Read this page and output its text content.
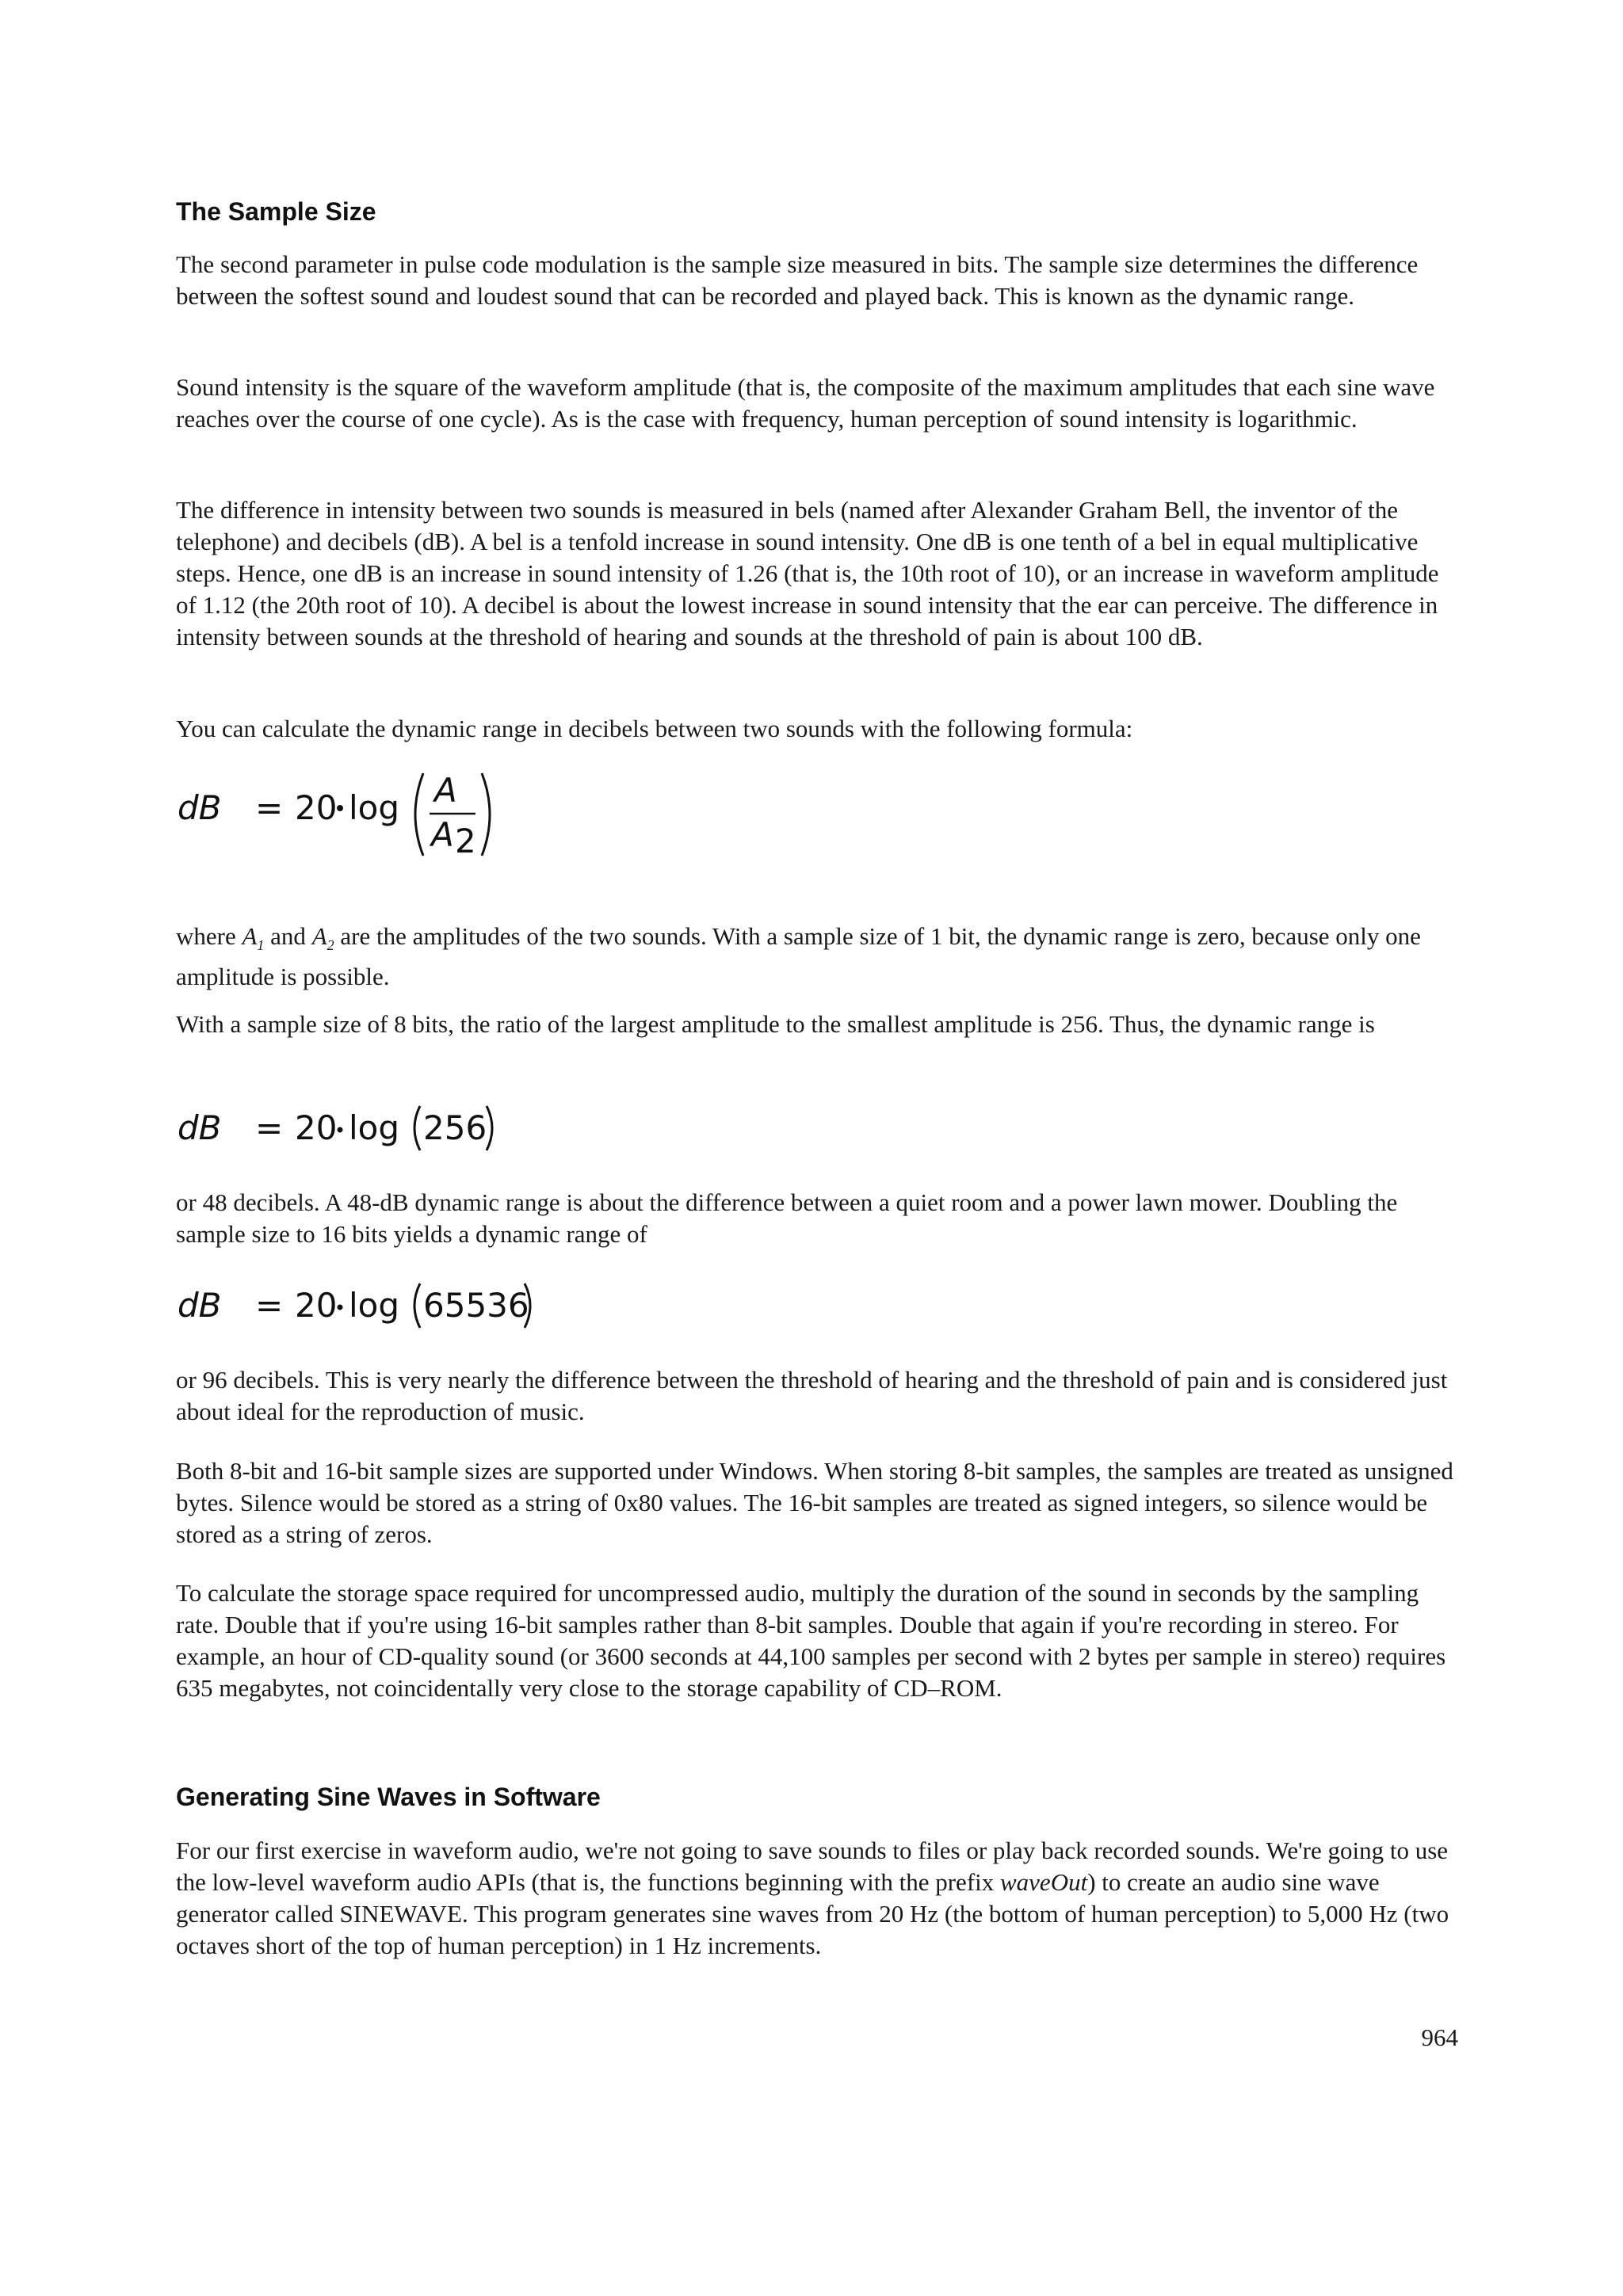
The Sample Size

The second parameter in pulse code modulation is the sample size measured in bits. The sample size determines the difference between the softest sound and loudest sound that can be recorded and played back. This is known as the dynamic range.

Sound intensity is the square of the waveform amplitude (that is, the composite of the maximum amplitudes that each sine wave reaches over the course of one cycle). As is the case with frequency, human perception of sound intensity is logarithmic.

The difference in intensity between two sounds is measured in bels (named after Alexander Graham Bell, the inventor of the telephone) and decibels (dB). A bel is a tenfold increase in sound intensity. One dB is one tenth of a bel in equal multiplicative steps. Hence, one dB is an increase in sound intensity of 1.26 (that is, the 10th root of 10), or an increase in waveform amplitude of 1.12 (the 20th root of 10). A decibel is about the lowest increase in sound intensity that the ear can perceive. The difference in intensity between sounds at the threshold of hearing and sounds at the threshold of pain is about 100 dB.

You can calculate the dynamic range in decibels between two sounds with the following formula:

dB = 20 log A
A 2

where $A_1$ and $A_2$ are the amplitudes of the two sounds. With a sample size of 1 bit, the dynamic range is zero, because only one amplitude is possible.

With a sample size of 8 bits, the ratio of the largest amplitude to the smallest amplitude is 256. Thus, the dynamic range is

dB = 20 log 256

or 48 decibels. A 48-dB dynamic range is about the difference between a quiet room and a power lawn mower. Doubling the sample size to 16 bits yields a dynamic range of

dB = 20 log 65536

or 96 decibels. This is very nearly the difference between the threshold of hearing and the threshold of pain and is considered just about ideal for the reproduction of music.

Both 8-bit and 16-bit sample sizes are supported under Windows. When storing 8-bit samples, the samples are treated as unsigned bytes. Silence would be stored as a string of 0x80 values. The 16-bit samples are treated as signed integers, so silence would be stored as a string of zeros.

To calculate the storage space required for uncompressed audio, multiply the duration of the sound in seconds by the sampling rate. Double that if you're using 16-bit samples rather than 8-bit samples. Double that again if you're recording in stereo. For example, an hour of CD-quality sound (or 3600 seconds at 44,100 samples per second with 2 bytes per sample in stereo) requires 635 megabytes, not coincidentally very close to the storage capability of CD–ROM.

Generating Sine Waves in Software

For our first exercise in waveform audio, we're not going to save sounds to files or play back recorded sounds. We're going to use the low-level waveform audio APIs (that is, the functions beginning with the prefix waveOut) to create an audio sine wave generator called SINEWAVE. This program generates sine waves from 20 Hz (the bottom of human perception) to 5,000 Hz (two octaves short of the top of human perception) in 1 Hz increments.

964
